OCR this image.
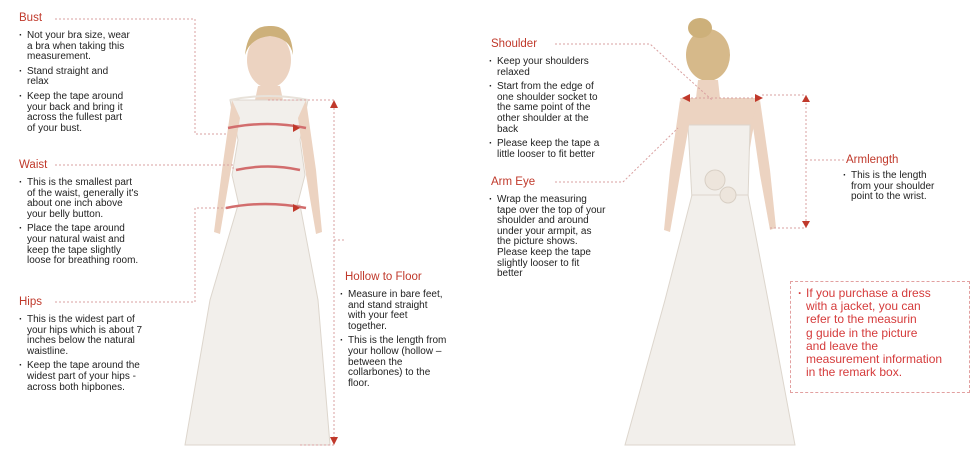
Bust
· Not your bra size, wear
a bra when taking this
measurement.
· Stand straight and
relax
· Keep the tape around
your back and bring it
across the fullest part
of your bust.
Waist
· This is the smallest part
of the waist, generally it's
about one inch above
your belly button.
· Place the tape around
your natural waist and
keep the tape slightly
loose for breathing room.
Hips
· This is the widest part of
your hips which is about 7
inches below the natural
waistline.
· Keep the tape around the
widest part of your hips -
across both hipbones.
Hollow to Floor
· Measure in bare feet,
and stand straight
with your feet
together.
· This is the length from
your hollow (hollow –
between the
collarbones) to the
floor.
Shoulder
· Keep your shoulders
relaxed
· Start from the edge of
one shoulder socket to
the same point of the
other shoulder at the
back
· Please keep the tape a
little looser to fit better
Arm Eye
· Wrap the measuring
tape over the top of your
shoulder and around
under your armpit, as
the picture shows.
Please keep the tape
slightly looser to fit
better
Armlength
· This is the length
from your shoulder
point to the wrist.
· If you purchase a dress
with a jacket, you can
refer to the measurin
g guide in the picture
and leave the
measurement information
in the remark box.
